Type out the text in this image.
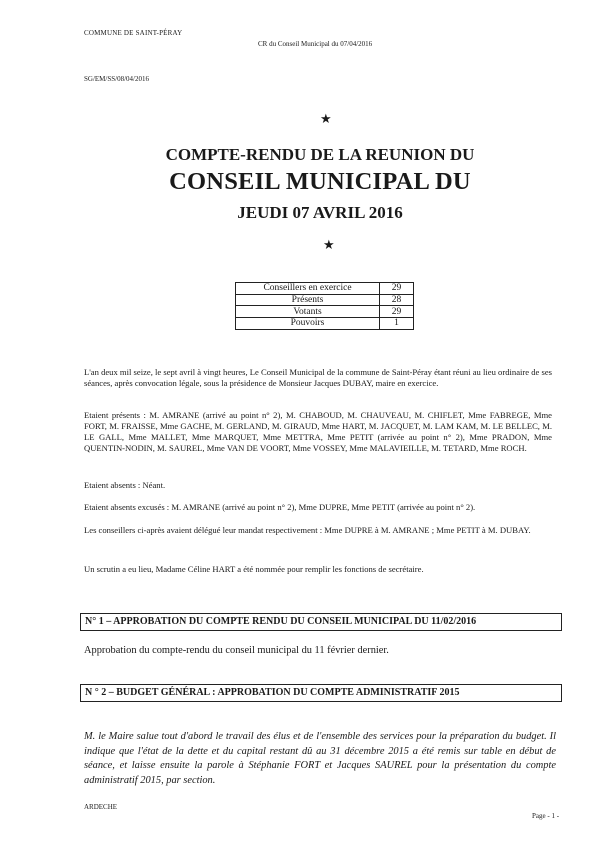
COMMUNE DE SAINT-PÉRAY
CR du Conseil Municipal du 07/04/2016
SG/EM/SS/08/04/2016
★
COMPTE-RENDU DE LA REUNION DU
CONSEIL MUNICIPAL DU
JEUDI 07 AVRIL 2016
★
Conseillers en exercice	29
Présents	28
Votants	29
Pouvoirs	1

L'an deux mil seize, le sept avril à vingt heures, Le Conseil Municipal de la commune de Saint-Péray étant réuni au lieu ordinaire de ses séances, après convocation légale, sous la présidence de Monsieur Jacques DUBAY, maire en exercice.

Etaient présents : M. AMRANE (arrivé au point n° 2), M. CHABOUD, M. CHAUVEAU, M. CHIFLET, Mme FABREGE, Mme FORT, M. FRAISSE, Mme GACHE, M. GERLAND, M. GIRAUD, Mme HART, M. JACQUET, M. LAM KAM, M. LE BELLEC, M. LE GALL, Mme MALLET, Mme MARQUET, Mme METTRA, Mme PETIT (arrivée au point n° 2), Mme PRADON, Mme QUENTIN-NODIN, M. SAUREL, Mme VAN DE VOORT, Mme VOSSEY, Mme MALAVIEILLE, M. TETARD, Mme ROCH.

Etaient absents : Néant.

Etaient absents excusés : M. AMRANE (arrivé au point n° 2), Mme DUPRE, Mme PETIT (arrivée au point n° 2).

Les conseillers ci-après avaient délégué leur mandat respectivement : Mme DUPRE à M. AMRANE ; Mme PETIT à M. DUBAY.

Un scrutin a eu lieu, Madame Céline HART a été nommée pour remplir les fonctions de secrétaire.

N° 1 – APPROBATION DU COMPTE RENDU DU CONSEIL MUNICIPAL DU 11/02/2016

Approbation du compte-rendu du conseil municipal du 11 février dernier.

N ° 2 – BUDGET GÉNÉRAL : APPROBATION DU COMPTE ADMINISTRATIF 2015

M. le Maire salue tout d'abord le travail des élus et de l'ensemble des services pour la préparation du budget. Il indique que l'état de la dette et du capital restant dû au 31 décembre 2015 a été remis sur table en début de séance, et laisse ensuite la parole à Stéphanie FORT et Jacques SAUREL pour la présentation du compte administratif 2015, par section.

ARDECHE
Page - 1 -
